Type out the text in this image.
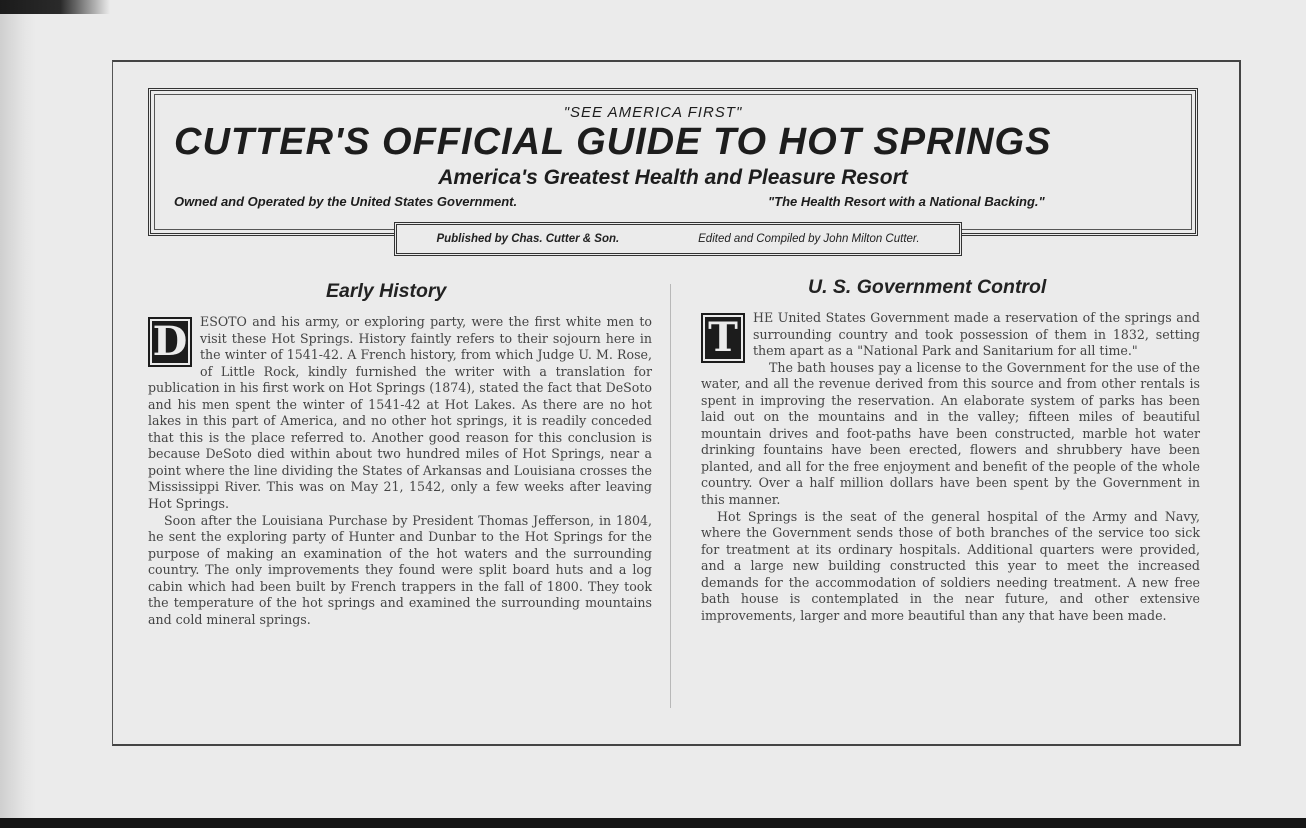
"SEE AMERICA FIRST"
CUTTER'S OFFICIAL GUIDE TO HOT SPRINGS
America's Greatest Health and Pleasure Resort
Owned and Operated by the United States Government.	"The Health Resort with a National Backing."
Published by Chas. Cutter & Son.	Edited and Compiled by John Milton Cutter.
Early History	U. S. Government Control

D	ESOTO and his army, or exploring party, were the first white men to visit these Hot Springs. History faintly refers to their sojourn here in the winter of 1541-42. A French history, from which Judge U. M. Rose, of Little Rock, kindly furnished the writer with a translation for publication in his first work on Hot Springs (1874), stated the fact that DeSoto and his men spent the winter of 1541-42 at Hot Lakes. As there are no hot lakes in this part of America, and no other hot springs, it is readily conceded that this is the place referred to. Another good reason for this conclusion is because DeSoto died within about two hundred miles of Hot Springs, near a point where the line dividing the States of Arkansas and Louisiana crosses the Mississippi River. This was on May 21, 1542, only a few weeks after leaving Hot Springs.

Soon after the Louisiana Purchase by President Thomas Jefferson, in 1804, he sent the exploring party of Hunter and Dunbar to the Hot Springs for the purpose of making an examination of the hot waters and the surrounding country. The only improvements they found were split board huts and a log cabin which had been built by French trappers in the fall of 1800. They took the temperature of the hot springs and examined the surrounding mountains and cold mineral springs.

T	HE United States Government made a reservation of the springs and surrounding country and took possession of them in 1832, setting them apart as a "National Park and Sanitarium for all time."

The bath houses pay a license to the Government for the use of the water, and all the revenue derived from this source and from other rentals is spent in improving the reservation. An elaborate system of parks has been laid out on the mountains and in the valley; fifteen miles of beautiful mountain drives and foot-paths have been constructed, marble hot water drinking fountains have been erected, flowers and shrubbery have been planted, and all for the free enjoyment and benefit of the people of the whole country. Over a half million dollars have been spent by the Government in this manner.

Hot Springs is the seat of the general hospital of the Army and Navy, where the Government sends those of both branches of the service too sick for treatment at its ordinary hospitals. Additional quarters were provided, and a large new building constructed this year to meet the increased demands for the accommodation of soldiers needing treatment. A new free bath house is contemplated in the near future, and other extensive improvements, larger and more beautiful than any that have been made.
